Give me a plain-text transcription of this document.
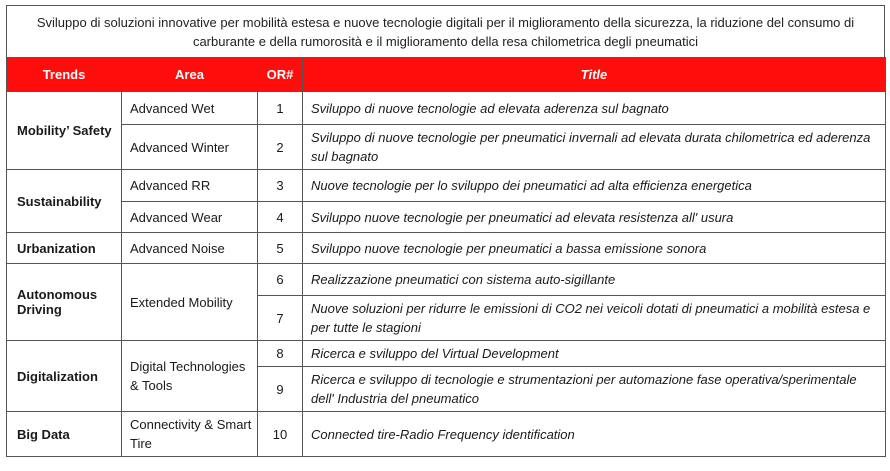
Sviluppo di soluzioni innovative per mobilità estesa e nuove tecnologie digitali per il miglioramento della sicurezza, la riduzione del consumo di carburante e della rumorosità e il miglioramento della resa chilometrica degli pneumatici
Trends	Area	OR#	Title
Mobility’ Safety	Advanced Wet	1	Sviluppo di nuove tecnologie ad elevata aderenza sul bagnato
	Advanced Winter	2	Sviluppo di nuove tecnologie per pneumatici invernali ad elevata durata chilometrica ed aderenza sul bagnato
Sustainability	Advanced RR	3	Nuove tecnologie per lo sviluppo dei pneumatici ad alta efficienza energetica
	Advanced Wear	4	Sviluppo nuove tecnologie per pneumatici ad elevata resistenza all' usura
Urbanization	Advanced Noise	5	Sviluppo nuove tecnologie per pneumatici a bassa emissione sonora
Autonomous Driving	Extended Mobility	6	Realizzazione pneumatici con sistema auto-sigillante
		7	Nuove soluzioni per ridurre le emissioni di CO2 nei veicoli dotati di pneumatici a mobilità estesa e per tutte le stagioni
Digitalization	Digital Technologies & Tools	8	Ricerca e sviluppo del Virtual Development
		9	Ricerca e sviluppo di tecnologie e strumentazioni per automazione fase operativa/sperimentale dell' Industria del pneumatico
Big Data	Connectivity & Smart Tire	10	Connected tire-Radio Frequency identification
